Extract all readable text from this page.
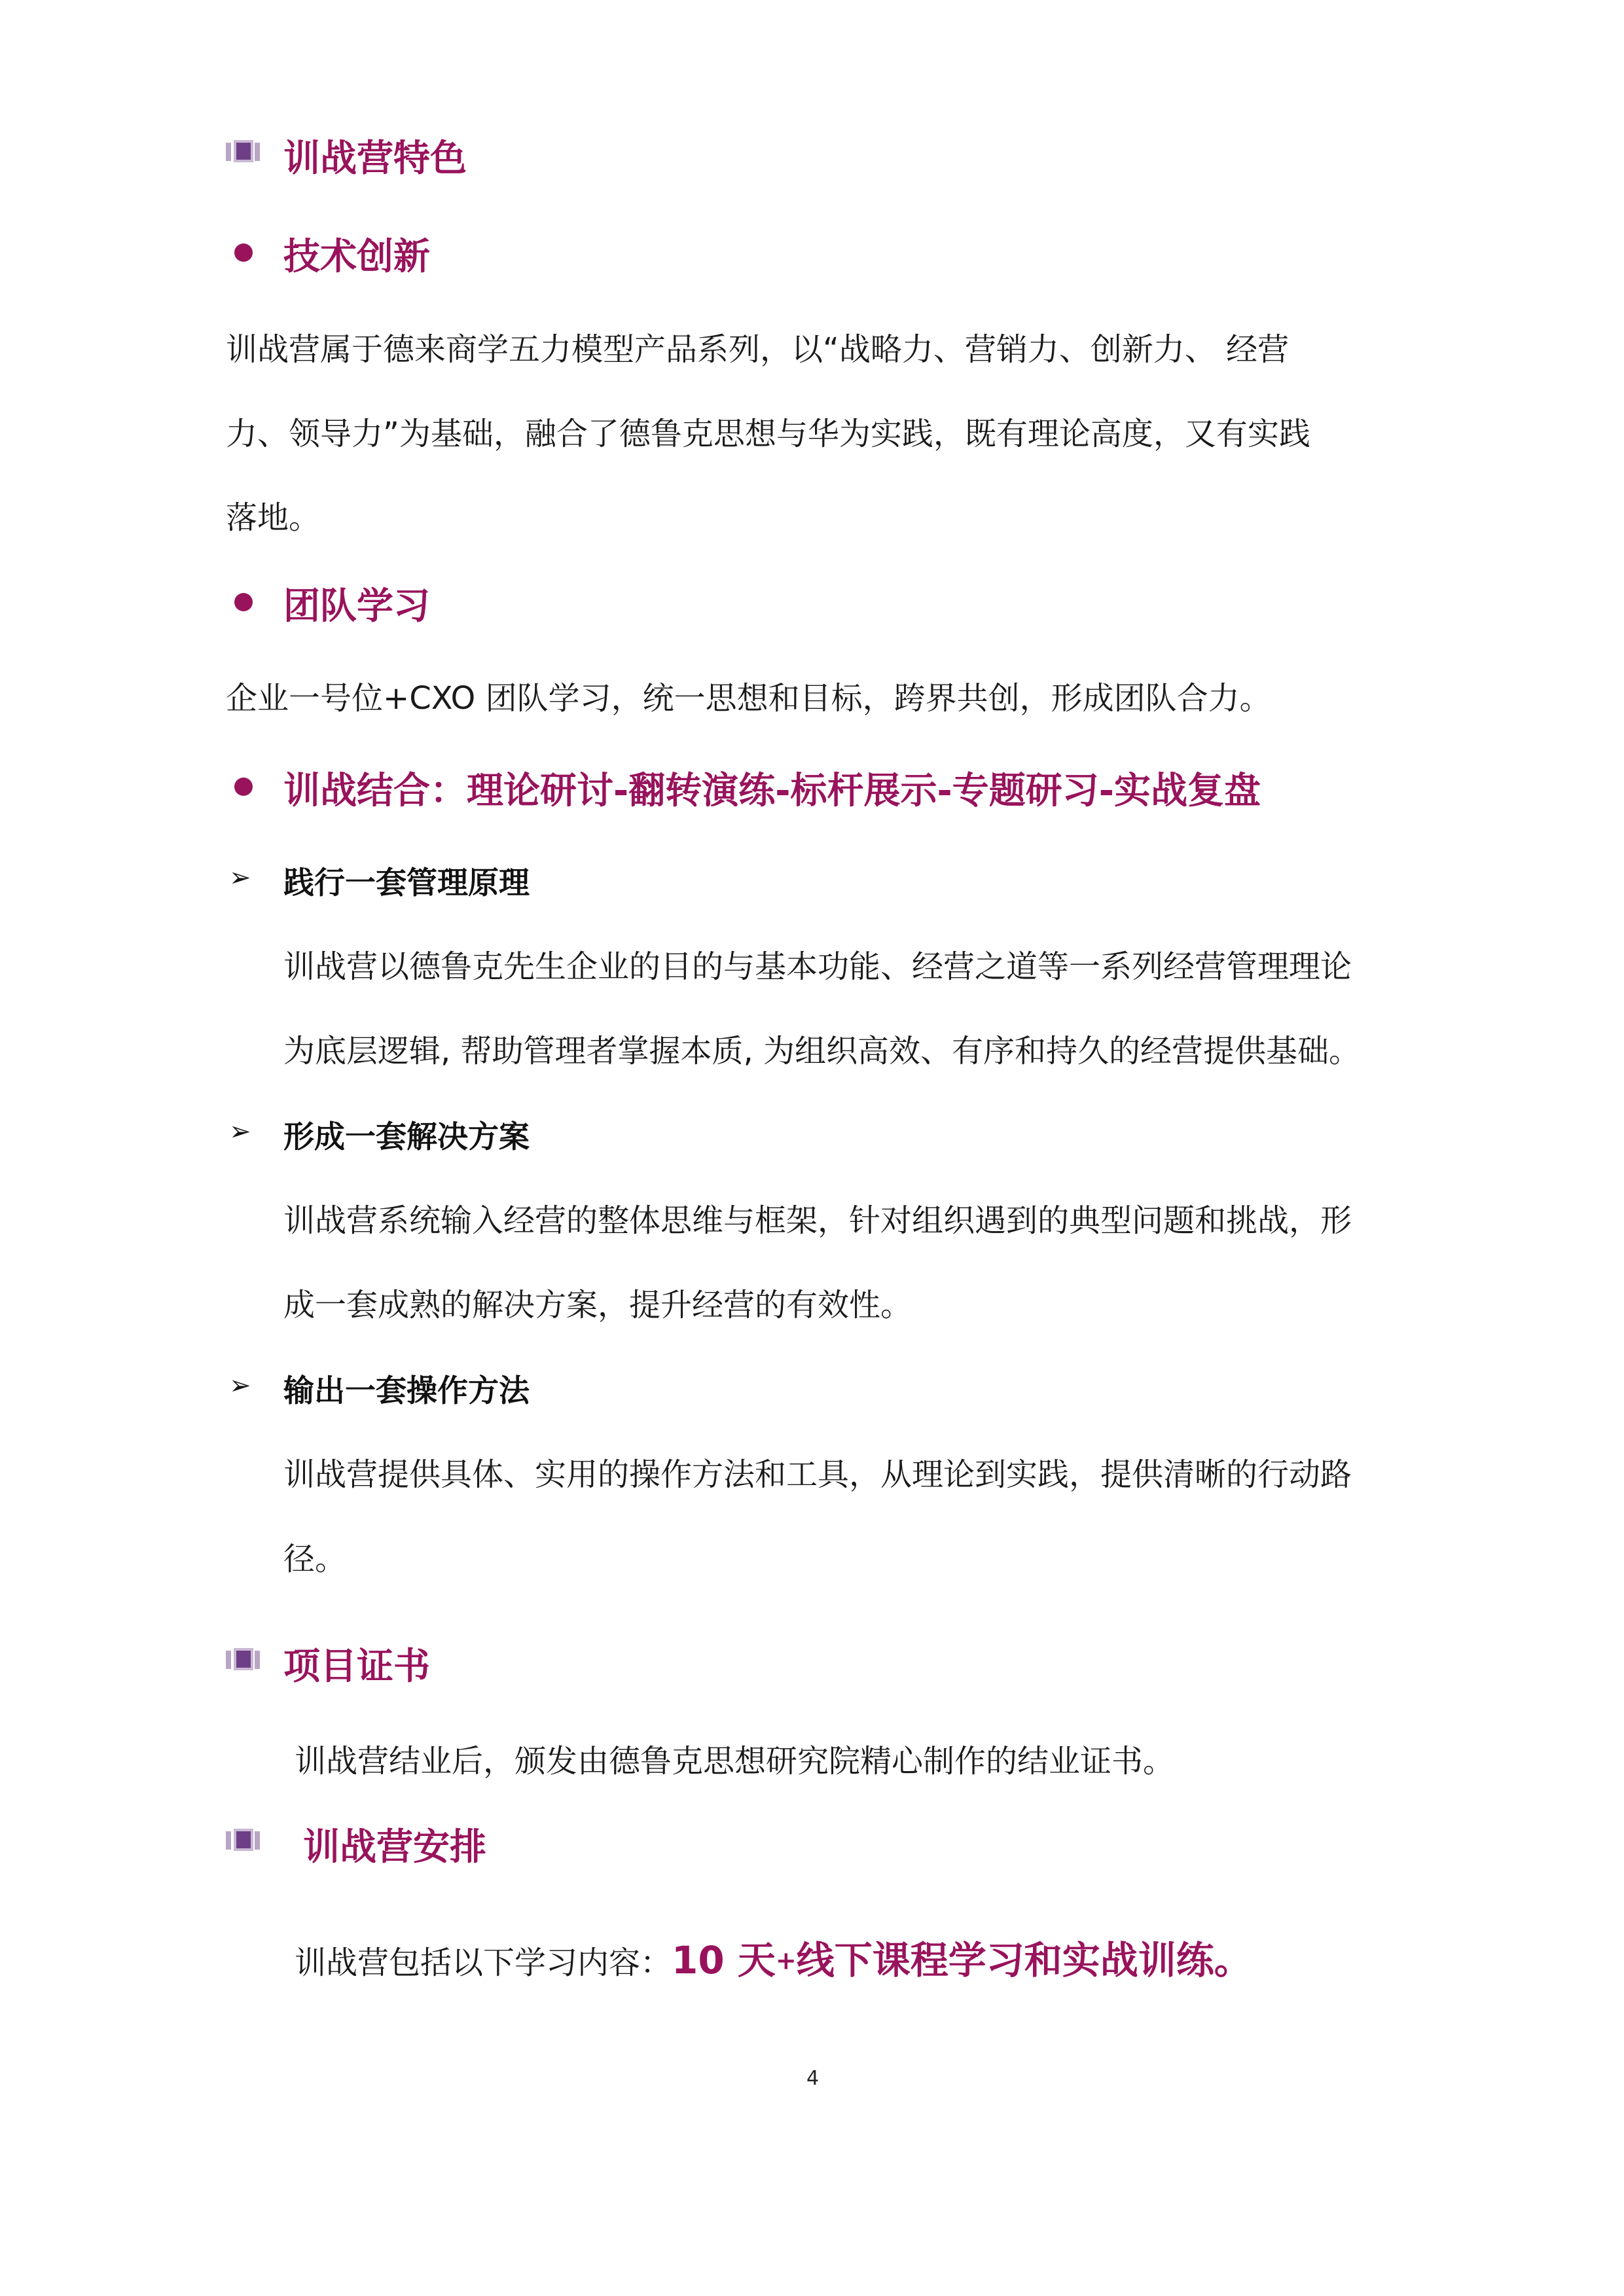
训战营特色
技术创新
训战营属于德来商学五力模型产品系列，以“战略力、营销力、创新力、 经营
力、领导力”为基础，融合了德鲁克思想与华为实践，既有理论高度，又有实践
落地。
团队学习
企业一号位+CXO 团队学习，统一思想和目标，跨界共创，形成团队合力。
训战结合：理论研讨-翻转演练-标杆展示-专题研习-实战复盘
➢ 践行一套管理原理
训战营以德鲁克先生企业的目的与基本功能、经营之道等一系列经营管理理论
为底层逻辑, 帮助管理者掌握本质, 为组织高效、有序和持久的经营提供基础。
➢ 形成一套解决方案
训战营系统输入经营的整体思维与框架，针对组织遇到的典型问题和挑战，形
成一套成熟的解决方案，提升经营的有效性。
➢ 输出一套操作方法
训战营提供具体、实用的操作方法和工具，从理论到实践，提供清晰的行动路
径。
项目证书
训战营结业后，颁发由德鲁克思想研究院精心制作的结业证书。
训战营安排
训战营包括以下学习内容：10 天+线下课程学习和实战训练。
4
